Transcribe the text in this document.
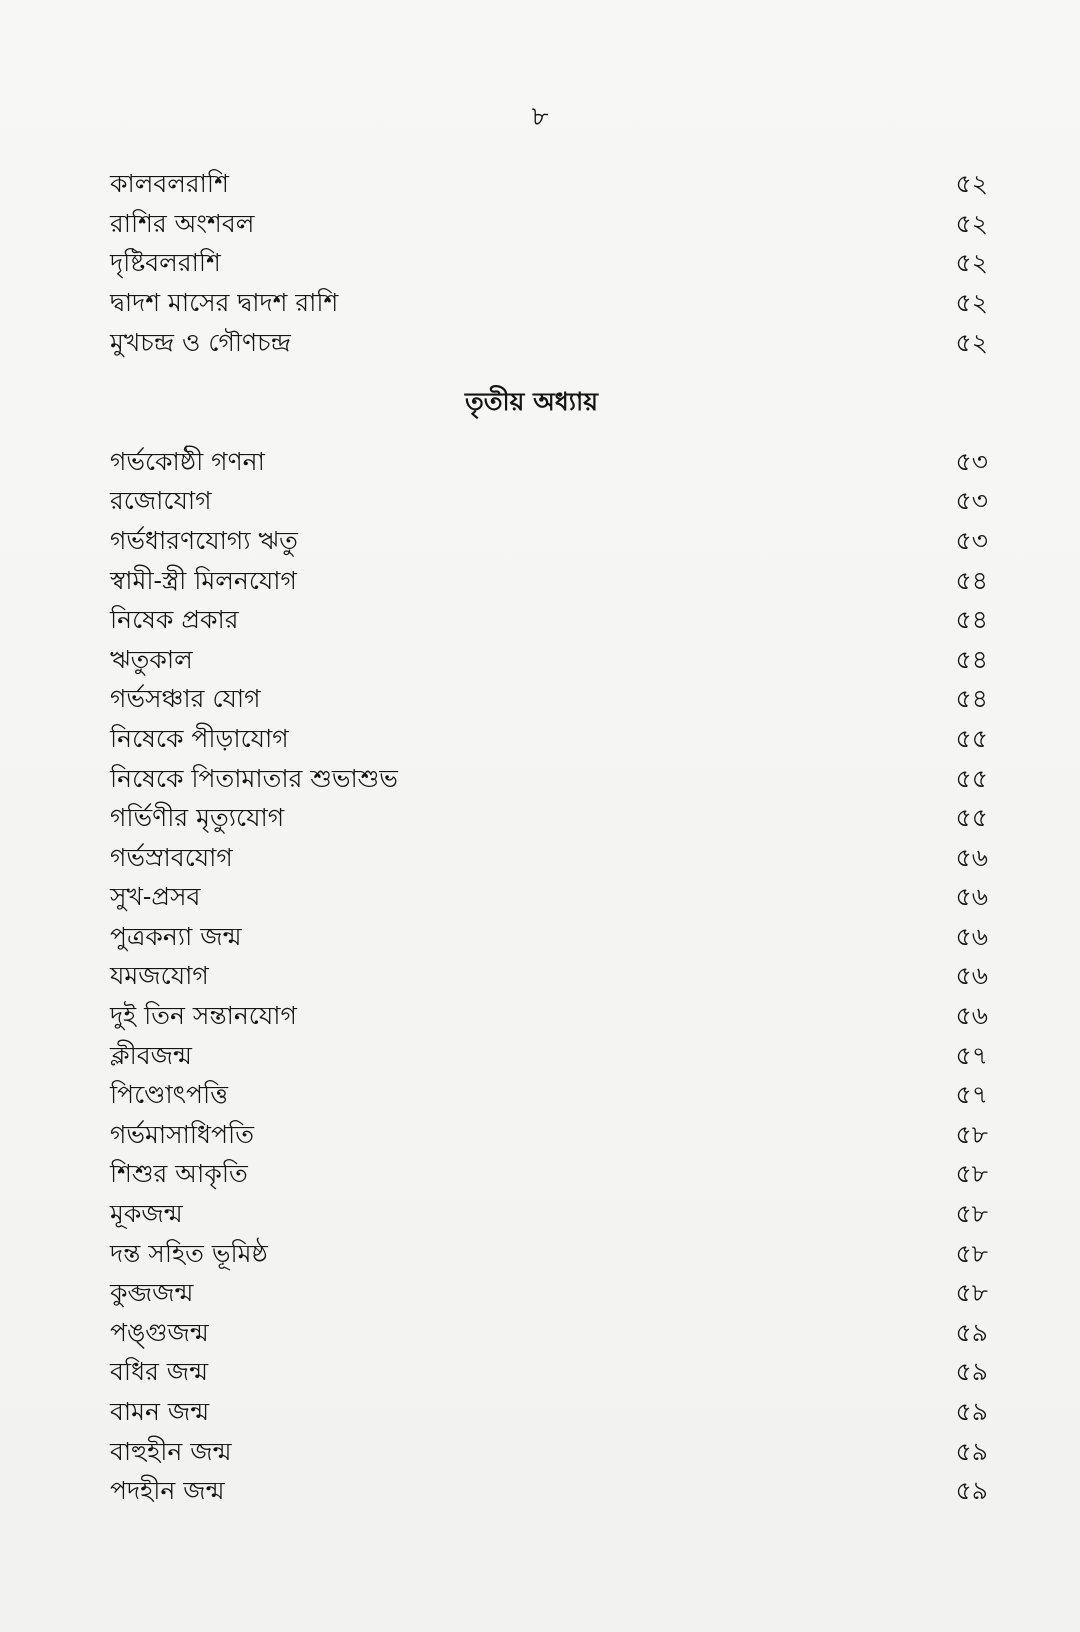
৮
কালবলরাশি	৫২
রাশির অংশবল	৫২
দৃষ্টিবলরাশি	৫২
দ্বাদশ মাসের দ্বাদশ রাশি	৫২
মুখচন্দ্র ও গৌণচন্দ্র	৫২
তৃতীয় অধ্যায়
গর্ভকোষ্ঠী গণনা	৫৩
রজোযোগ	৫৩
গর্ভধারণযোগ্য ঋতু	৫৩
স্বামী-স্ত্রী মিলনযোগ	৫৪
নিষেক প্রকার	৫৪
ঋতুকাল	৫৪
গর্ভসঞ্চার যোগ	৫৪
নিষেকে পীড়াযোগ	৫৫
নিষেকে পিতামাতার শুভাশুভ	৫৫
গর্ভিণীর মৃত্যুযোগ	৫৫
গর্ভস্রাবযোগ	৫৬
সুখ-প্রসব	৫৬
পুত্রকন্যা জন্ম	৫৬
যমজযোগ	৫৬
দুই তিন সন্তানযোগ	৫৬
ক্লীবজন্ম	৫৭
পিণ্ডোৎপত্তি	৫৭
গর্ভমাসাধিপতি	৫৮
শিশুর আকৃতি	৫৮
মূকজন্ম	৫৮
দন্ত সহিত ভূমিষ্ঠ	৫৮
কুব্জজন্ম	৫৮
পঙ্গুজন্ম	৫৯
বধির জন্ম	৫৯
বামন জন্ম	৫৯
বাহুহীন জন্ম	৫৯
পদহীন জন্ম	৫৯
